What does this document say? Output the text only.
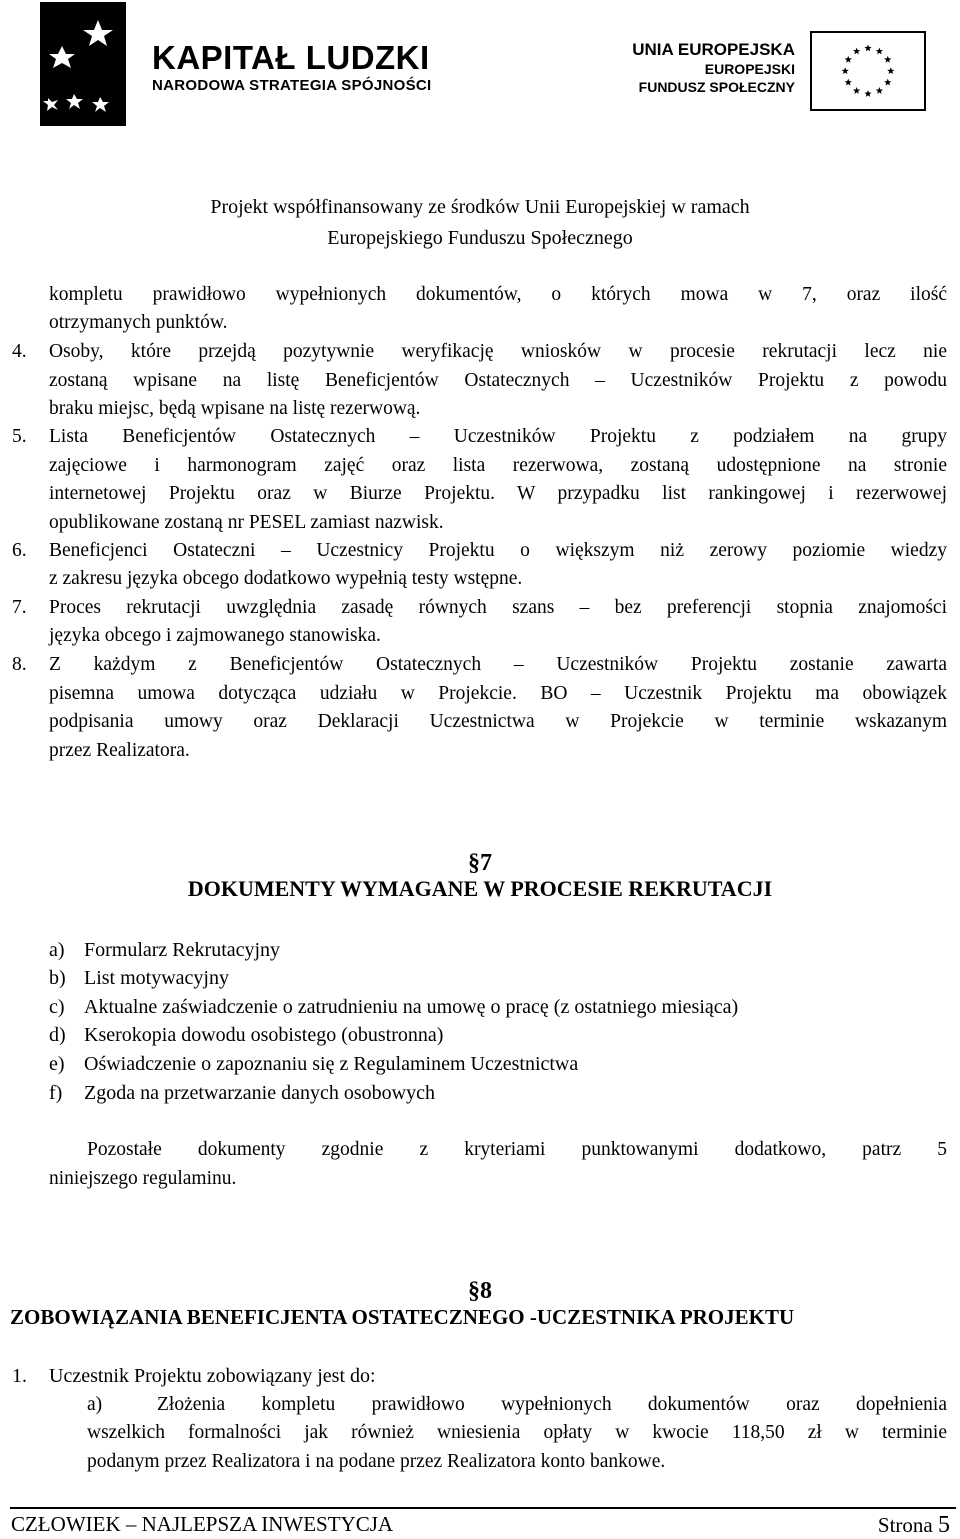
KAPITAŁ LUDZKI
NARODOWA STRATEGIA SPÓJNOŚCI
UNIA EUROPEJSKA
EUROPEJSKI
FUNDUSZ SPOŁECZNY
Projekt współfinansowany ze środków Unii Europejskiej w ramach
Europejskiego Funduszu Społecznego
kompletu prawidłowo wypełnionych dokumentów, o których mowa w 7, oraz ilość
otrzymanych punktów.
4. Osoby, które przejdą pozytywnie weryfikację wniosków w procesie rekrutacji lecz nie
zostaną wpisane na listę Beneficjentów Ostatecznych – Uczestników Projektu z powodu
braku miejsc, będą wpisane na listę rezerwową.
5. Lista Beneficjentów Ostatecznych – Uczestników Projektu z podziałem na grupy
zajęciowe i harmonogram zajęć oraz lista rezerwowa, zostaną udostępnione na stronie
internetowej Projektu oraz w Biurze Projektu. W przypadku list rankingowej i rezerwowej
opublikowane zostaną nr PESEL zamiast nazwisk.
6. Beneficjenci Ostateczni – Uczestnicy Projektu o większym niż zerowy poziomie wiedzy
z zakresu języka obcego dodatkowo wypełnią testy wstępne.
7. Proces rekrutacji uwzględnia zasadę równych szans – bez preferencji stopnia znajomości
języka obcego i zajmowanego stanowiska.
8. Z każdym z Beneficjentów Ostatecznych – Uczestników Projektu zostanie zawarta
pisemna umowa dotycząca udziału w Projekcie. BO – Uczestnik Projektu ma obowiązek
podpisania umowy oraz Deklaracji Uczestnictwa w Projekcie w terminie wskazanym
przez Realizatora.
§7
DOKUMENTY WYMAGANE W PROCESIE REKRUTACJI
a) Formularz Rekrutacyjny
b) List motywacyjny
c) Aktualne zaświadczenie o zatrudnieniu na umowę o pracę (z ostatniego miesiąca)
d) Kserokopia dowodu osobistego (obustronna)
e) Oświadczenie o zapoznaniu się z Regulaminem Uczestnictwa
f) Zgoda na przetwarzanie danych osobowych
Pozostałe dokumenty zgodnie z kryteriami punktowanymi dodatkowo, patrz 5
niniejszego regulaminu.
§8
ZOBOWIĄZANIA BENEFICJENTA OSTATECZNEGO -UCZESTNIKA PROJEKTU
1. Uczestnik Projektu zobowiązany jest do:
a)	Złożenia kompletu prawidłowo wypełnionych dokumentów oraz dopełnienia
wszelkich formalności jak również wniesienia opłaty w kwocie 118,50 zł w terminie
podanym przez Realizatora i na podane przez Realizatora konto bankowe.
CZŁOWIEK – NAJLEPSZA INWESTYCJA	Strona 5
